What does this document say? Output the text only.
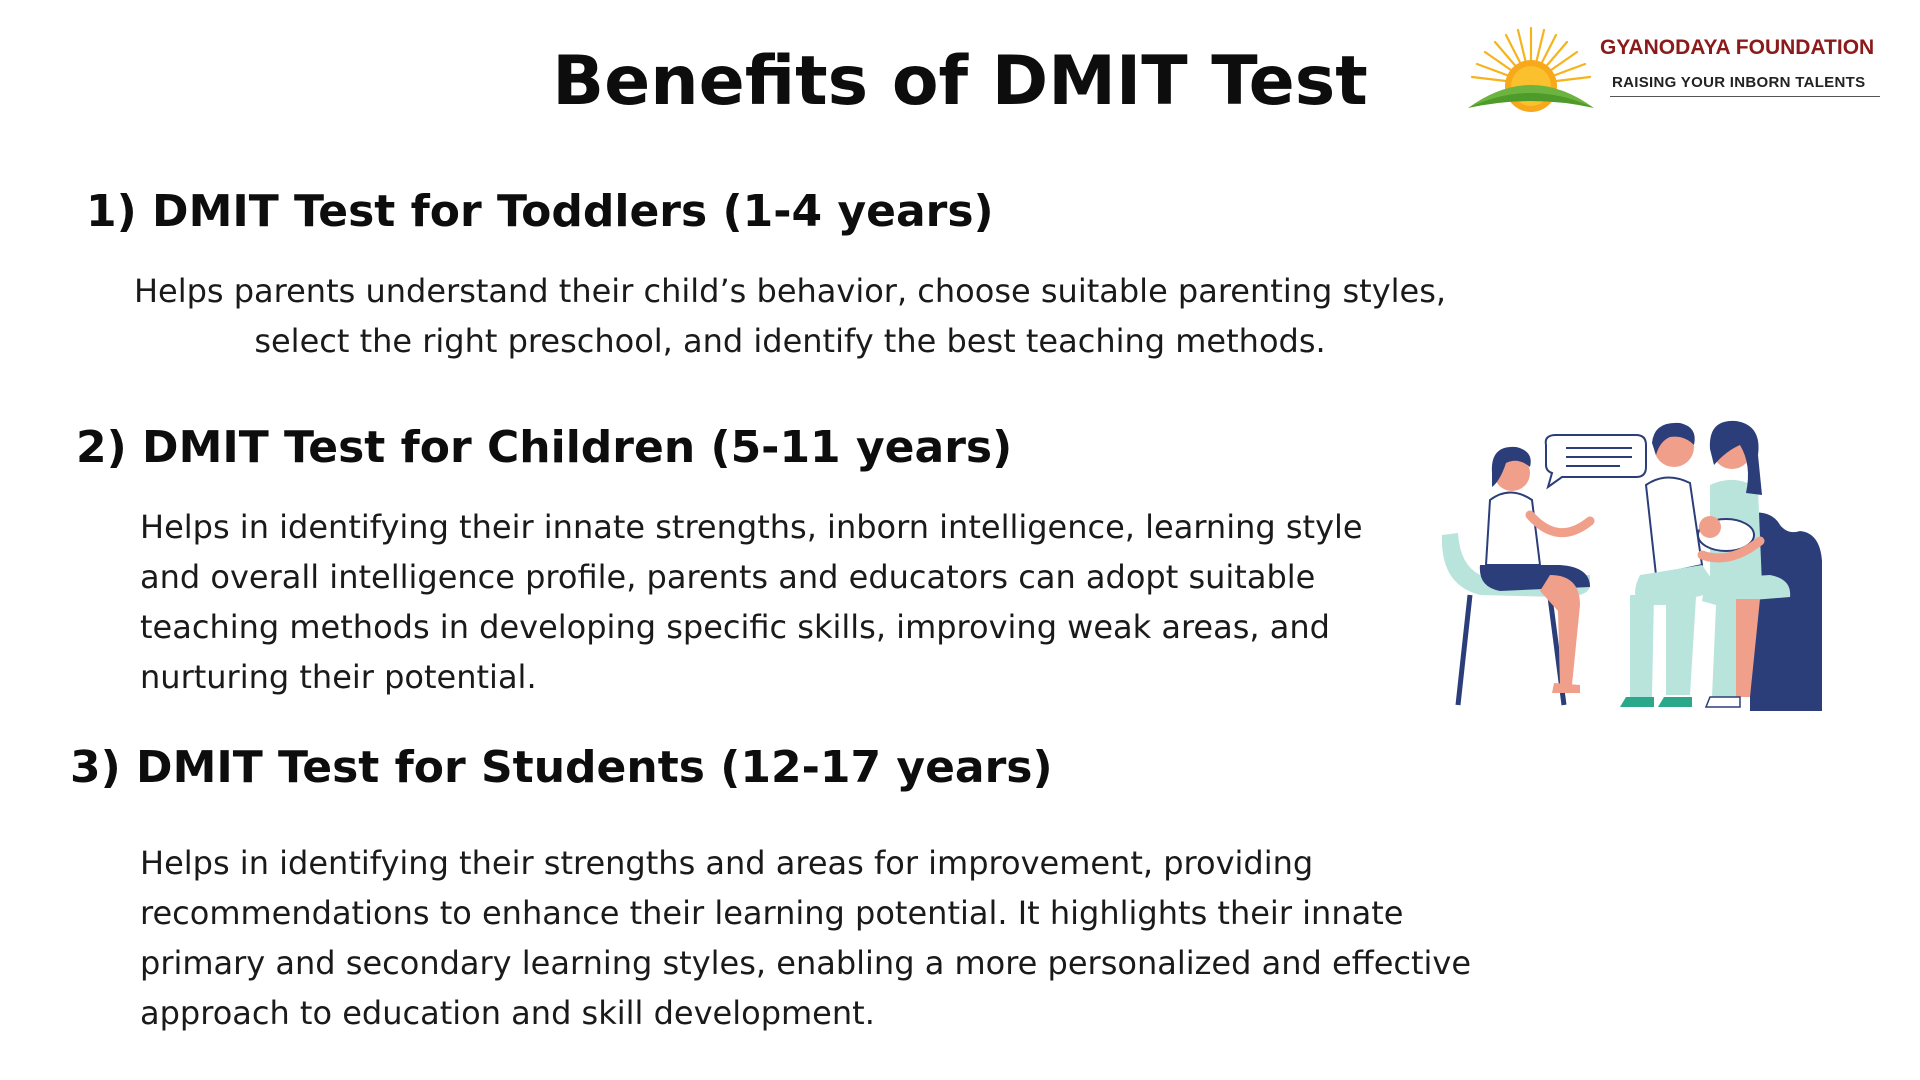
Benefits of DMIT Test	GYANODAYA FOUNDATION
RAISING YOUR INBORN TALENTS
1) DMIT Test for Toddlers (1-4 years)

Helps parents understand their child’s behavior, choose suitable parenting styles, select the right preschool, and identify the best teaching methods.

2) DMIT Test for Children (5-11 years)

Helps in identifying their innate strengths, inborn intelligence, learning style and overall intelligence profile, parents and educators can adopt suitable teaching methods in developing specific skills, improving weak areas, and nurturing their potential.

3) DMIT Test for Students (12-17 years)

Helps in identifying their strengths and areas for improvement, providing recommendations to enhance their learning potential. It highlights their innate primary and secondary learning styles, enabling a more personalized and effective approach to education and skill development.
